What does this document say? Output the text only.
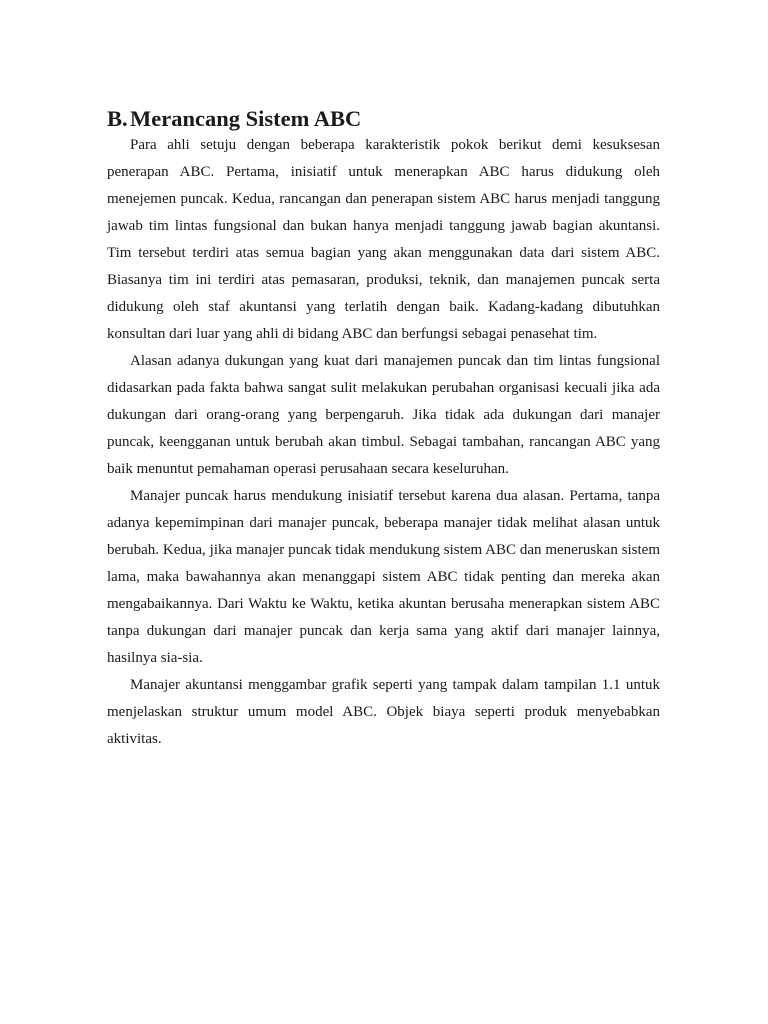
B. Merancang Sistem ABC

Para ahli setuju dengan beberapa karakteristik pokok berikut demi kesuksesan penerapan ABC. Pertama, inisiatif untuk menerapkan ABC harus didukung oleh menejemen puncak. Kedua, rancangan dan penerapan sistem ABC harus menjadi tanggung jawab tim lintas fungsional dan bukan hanya menjadi tanggung jawab bagian akuntansi. Tim tersebut terdiri atas semua bagian yang akan menggunakan data dari sistem ABC. Biasanya tim ini terdiri atas pemasaran, produksi, teknik, dan manajemen puncak serta didukung oleh staf akuntansi yang terlatih dengan baik. Kadang-kadang dibutuhkan konsultan dari luar yang ahli di bidang ABC dan berfungsi sebagai penasehat tim.

Alasan adanya dukungan yang kuat dari manajemen puncak dan tim lintas fungsional didasarkan pada fakta bahwa sangat sulit melakukan perubahan organisasi kecuali jika ada dukungan dari orang-orang yang berpengaruh. Jika tidak ada dukungan dari manajer puncak, keengganan untuk berubah akan timbul. Sebagai tambahan, rancangan ABC yang baik menuntut pemahaman operasi perusahaan secara keseluruhan.

Manajer puncak harus mendukung inisiatif tersebut karena dua alasan. Pertama, tanpa adanya kepemimpinan dari manajer puncak, beberapa manajer tidak melihat alasan untuk berubah. Kedua, jika manajer puncak tidak mendukung sistem ABC dan meneruskan sistem lama, maka bawahannya akan menanggapi sistem ABC tidak penting dan mereka akan mengabaikannya. Dari Waktu ke Waktu, ketika akuntan berusaha menerapkan sistem ABC tanpa dukungan dari manajer puncak dan kerja sama yang aktif dari manajer lainnya, hasilnya sia-sia.

Manajer akuntansi menggambar grafik seperti yang tampak dalam tampilan 1.1 untuk menjelaskan struktur umum model ABC. Objek biaya seperti produk menyebabkan aktivitas.
